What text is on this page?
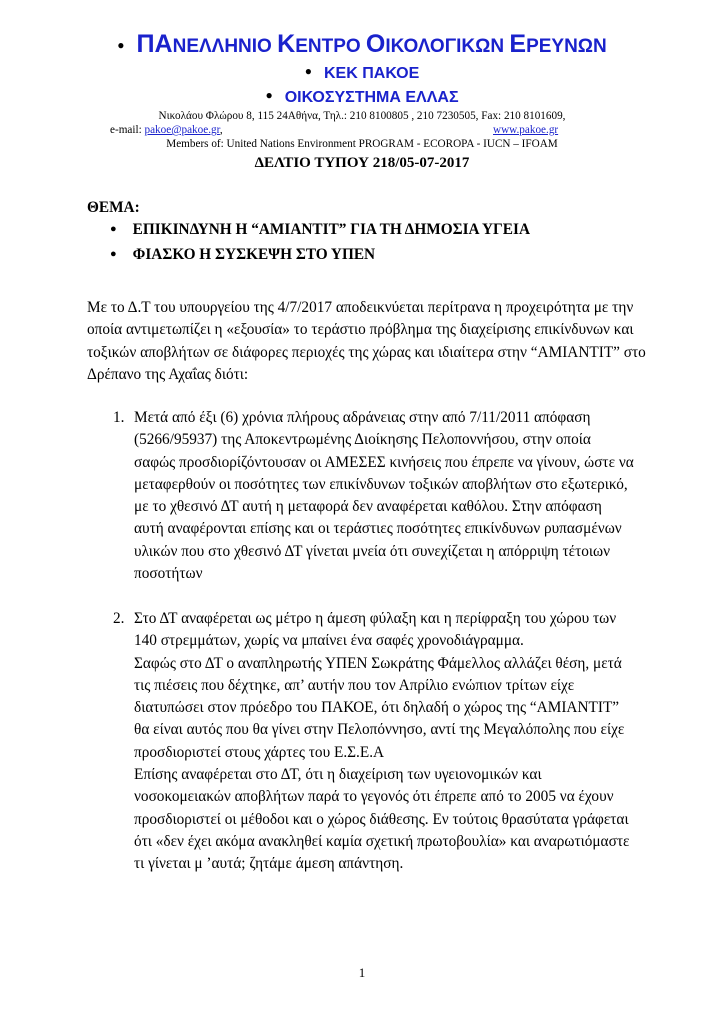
● ΠΑΝΕΛΛΗΝΙΟ ΚΕΝΤΡΟ ΟΙΚΟΛΟΓΙΚΩΝ ΕΡΕΥΝΩΝ
● ΚΕΚ ΠΑΚΟΕ
● ΟΙΚΟΣΥΣΤΗΜΑ ΕΛΛΑΣ
Νικολάου Φλώρου 8, 115 24Αθήνα, Τηλ.: 210 8100805 , 210 7230505, Fax: 210 8101609,
e-mail: pakoe@pakoe.gr,	www.pakoe.gr
Members of: United Nations Environment PROGRAM - ECOROPA - IUCN – IFOAM
ΔΕΛΤΙΟ ΤΥΠΟΥ 218/05-07-2017
ΘΕΜΑ:
● ΕΠΙΚΙΝΔΥΝΗ Η “ΑΜΙΑΝΤΙΤ” ΓΙΑ ΤΗ ΔΗΜΟΣΙΑ ΥΓΕΙΑ
● ΦΙΑΣΚΟ Η ΣΥΣΚΕΨΗ ΣΤΟ ΥΠΕΝ
Με το Δ.Τ του υπουργείου της 4/7/2017 αποδεικνύεται περίτρανα η προχειρότητα με την οποία αντιμετωπίζει η «εξουσία» το τεράστιο πρόβλημα της διαχείρισης επικίνδυνων και τοξικών αποβλήτων σε διάφορες περιοχές της χώρας και ιδιαίτερα στην “ΑΜΙΑΝΤΙΤ” στο Δρέπανο της Αχαΐας διότι:
1. Μετά από έξι (6) χρόνια πλήρους αδράνειας στην από 7/11/2011 απόφαση (5266/95937) της Αποκεντρωμένης Διοίκησης Πελοποννήσου, στην οποία σαφώς προσδιορίζόντουσαν οι ΑΜΕΣΕΣ κινήσεις που έπρεπε να γίνουν, ώστε να μεταφερθούν οι ποσότητες των επικίνδυνων τοξικών αποβλήτων στο εξωτερικό, με το χθεσινό ΔΤ αυτή η μεταφορά δεν αναφέρεται καθόλου. Στην απόφαση αυτή αναφέρονται επίσης και οι τεράστιες ποσότητες επικίνδυνων ρυπασμένων υλικών που στο χθεσινό ΔΤ γίνεται μνεία ότι συνεχίζεται η απόρριψη τέτοιων ποσοτήτων
2. Στο ΔΤ αναφέρεται ως μέτρο η άμεση φύλαξη και η περίφραξη του χώρου των 140 στρεμμάτων, χωρίς να μπαίνει ένα σαφές χρονοδιάγραμμα.

Σαφώς στο ΔΤ ο αναπληρωτής ΥΠΕΝ Σωκράτης Φάμελλος αλλάζει θέση, μετά τις πιέσεις που δέχτηκε, απ’ αυτήν που τον Απρίλιο ενώπιον τρίτων είχε διατυπώσει στον πρόεδρο του ΠΑΚΟΕ, ότι δηλαδή ο χώρος της “ΑΜΙΑΝΤΙΤ” θα είναι αυτός που θα γίνει στην Πελοπόννησο, αντί της Μεγαλόπολης που είχε προσδιοριστεί στους χάρτες του Ε.Σ.Ε.Α

Επίσης αναφέρεται στο ΔΤ, ότι η διαχείριση των υγειονομικών και νοσοκομειακών αποβλήτων παρά το γεγονός ότι έπρεπε από το 2005 να έχουν προσδιοριστεί οι μέθοδοι και ο χώρος διάθεσης. Εν τούτοις θρασύτατα γράφεται ότι «δεν έχει ακόμα ανακληθεί καμία σχετική πρωτοβουλία» και αναρωτιόμαστε τι γίνεται μ ’αυτά; ζητάμε άμεση απάντηση.

1
